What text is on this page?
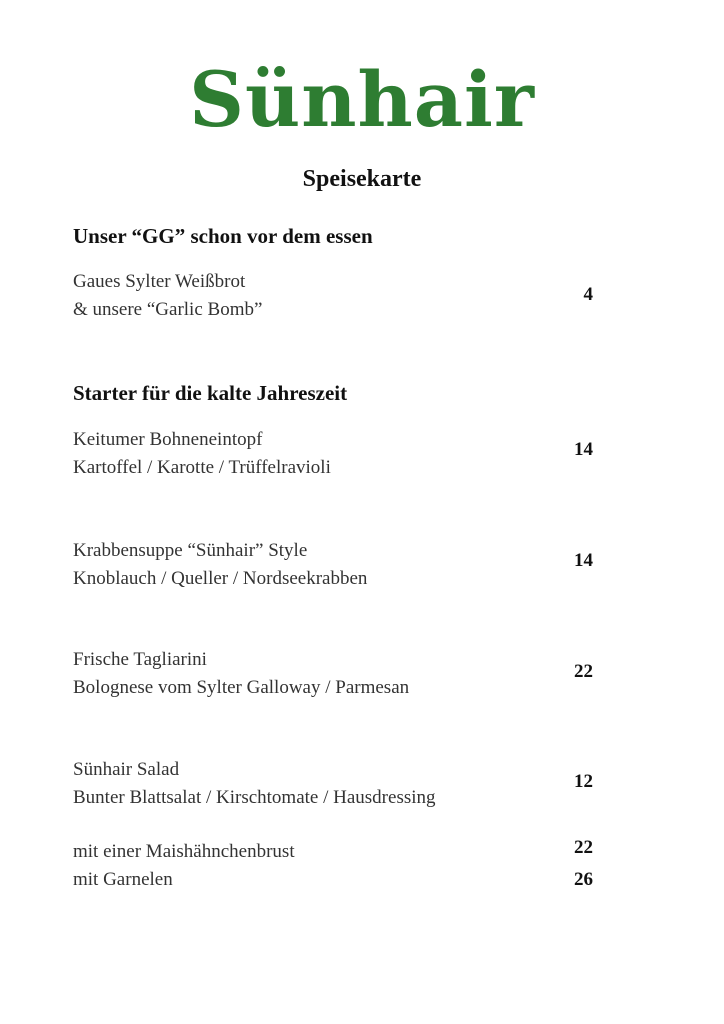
Sünhair
Speisekarte
Unser “GG” schon vor dem essen
Gaues Sylter Weißbrot
& unsere “Garlic Bomb”
4
Starter für die kalte Jahreszeit
Keitumer Bohneneintopf
Kartoffel / Karotte / Trüffelravioli
14
Krabbensuppe “Sünhair” Style
Knoblauch / Queller / Nordseekrabben
14
Frische Tagliarini
Bolognese vom Sylter Galloway / Parmesan
22
Sünhair Salad
Bunter Blattsalat / Kirschtomate / Hausdressing
12
mit einer Maishähnchenbrust	22
mit Garnelen	26
